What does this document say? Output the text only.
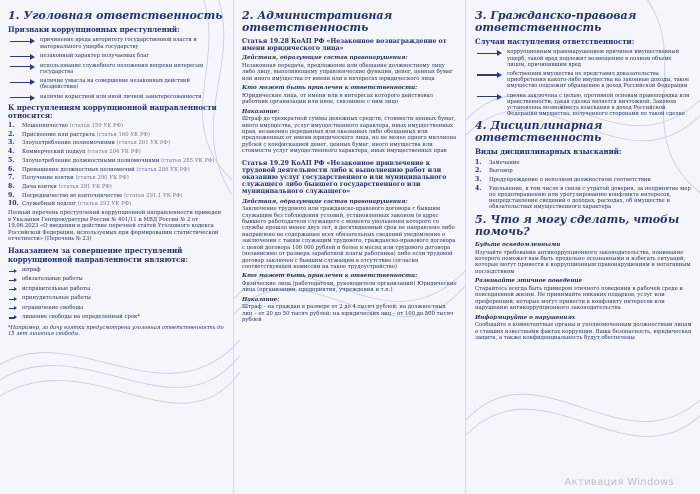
1. Уголовная ответственность
Признаки коррупционных преступлений:
причинение вреда авторитету государственной власти и материального ущерба государству
незаконный характер получаемых благ
использование служебного положения вопреки интересам государства
наличие умысла на совершение незаконных действий (бездействия)
наличие корыстной или иной личной заинтересованности
К преступлениям коррупционной направленности относятся:
1.	Мошенничество (статья 159 УК РФ)
2.	Присвоение или растрата (статья 160 УК РФ)
3.	Злоупотребление полномочиями (статья 201 УК РФ)
4.	Коммерческий подкуп (статья 204 УК РФ)
5.	Злоупотребление должностными полномочиями (статья 285 УК РФ)
6.	Превышение должностных полномочий (статья 286 УК РФ)
7.	Получение взятки (статья 290 УК РФ)
8.	Дача взятки (статья 291 УК РФ)
9.	Посредничество во взяточничестве (статья 291.1 УК РФ)
10. Служебный подлог (статья 292 УК РФ)
Полный перечень преступлений коррупционной направленности приведен в Указании Генпрокуратуры России № 401/11 и МВД России № 2 от 19.06.2023 «О введении в действие перечней статей Уголовного кодекса Российской Федерации, используемых при формировании статистической отчетности» (Перечень № 23)
Наказанием за совершение преступлений коррупционной направленности являются:
штраф
обязательные работы
исправительные работы
принудительные работы
ограничение свободы
лишение свободы на определенный срок*
*Например, за дачу взятки предусмотрена уголовная ответственность до 15 лет лишения свободы.
2. Административная ответственность
Статья 19.28 КоАП РФ «Незаконное вознаграждение от имени юридического лица»
Действия, образующие состав правонарушения:
Незаконная передача, предложение или обещание должностному лицу либо лицу, выполняющему управленческие функции, денег, ценных бумаг или иного имущества от имени или в интересах юридического лица
Кто может быть привлечен к ответственности:
Юридические лица, от имени или в интересах которого действовал работник организации или иное, связанное с ним лицо
Наказание:
Штраф до трехкратной суммы денежных средств, стоимости ценных бумаг, иного имущества, услуг имущественного характера, иных имущественных прав, незаконно переданных или оказанных либо обещанных или предложенных от имени юридического лица, но не менее одного миллиона рублей с конфискацией денег, ценных бумаг, иного имущества или стоимости услуг имущественного характера, иных имущественных прав
Статья 19.29 КоАП РФ «Незаконное привлечение к трудовой деятельности либо к выполнению работ или оказанию услуг государственного или муниципального служащего либо бывшего государственного или муниципального служащего»
Действия, образующие состав правонарушения:
Заключение трудового или гражданско-правового договора с бывшим служащим без соблюдения условий, установленных законом (в адрес бывшего работодателя служащего с момента увольнения которого со службы прошло менее двух лет, в десятидневный срок не направлено либо направлено не содержащее всех обязательных сведений уведомление о заключении с таким служащим трудового, гражданско-правового договора с ценой договора 100 000 рублей и более в месяц или трудового договора (независимо от размера заработной платы работника) либо если трудовой договор заключен с бывшим служащим в отсутствие согласия соответствующей комиссии на такое трудоустройство)
Кто может быть привлечен к ответственности:
Физические лица (работодатели, руководители организаций) Юридические лица (организации, предприятия, учреждения и т.п.)
Наказание:
Штраф – на граждан в размере от 2 до 4 тысяч рублей; на должностных лиц – от 20 до 50 тысяч рублей; на юридических лиц – от 100 до 500 тысяч рублей
3. Гражданско-правовая ответственность
Случаи наступления ответственности:
коррупционным правонарушением причинен имущественный ущерб, такой вред подлежит возмещению в полном объеме лицом, причинившим вред
собственник имущества не представил доказательства приобретения какого-либо имущества на законные доходы, такое имущество подлежит обращению в доход Российской Федерации
сделка заключена с целью, противной основам правопорядка или нравственности, такая сделка является ничтожной. Законом установлена возможность взыскания в доход Российской Федерации имущества, полученного сторонами по такой сделке
4. Дисциплинарная ответственность
Виды дисциплинарных взысканий:
1.	Замечание
2.	Выговор
3.	Предупреждение о неполном должностном соответствии
4.	Увольнение, в том числе в связи с утратой доверия, за непринятие мер по предотвращению или урегулированию конфликта интересов, непредставление сведений о доходах, расходах, об имуществе и обязательствах имущественного характера
5. Что я могу сделать, чтобы помочь?
Будьте осведомленными
Изучайте требования антикоррупционного законодательства, понимание которого поможет вам быть предельно осознанными и избегать ситуаций, которые могут привести к коррупционным правонарушениям и негативным последствиям
Развивайте этичное поведение
Старайтесь всегда быть примером этичного поведения в рабочей среде и повседневной жизни. Не принимайте никаких подарков, услуг или преференций, которые могут привести к конфликту интересов или нарушению антикоррупционного законодательства
Информируйте о нарушениях
Сообщайте в компетентные органы и уполномоченным должностным лицам о ставших известными фактах коррупции. Ваша безопасность, юридическая защита, а также конфиденциальность будут обеспечены
Активация Windows
